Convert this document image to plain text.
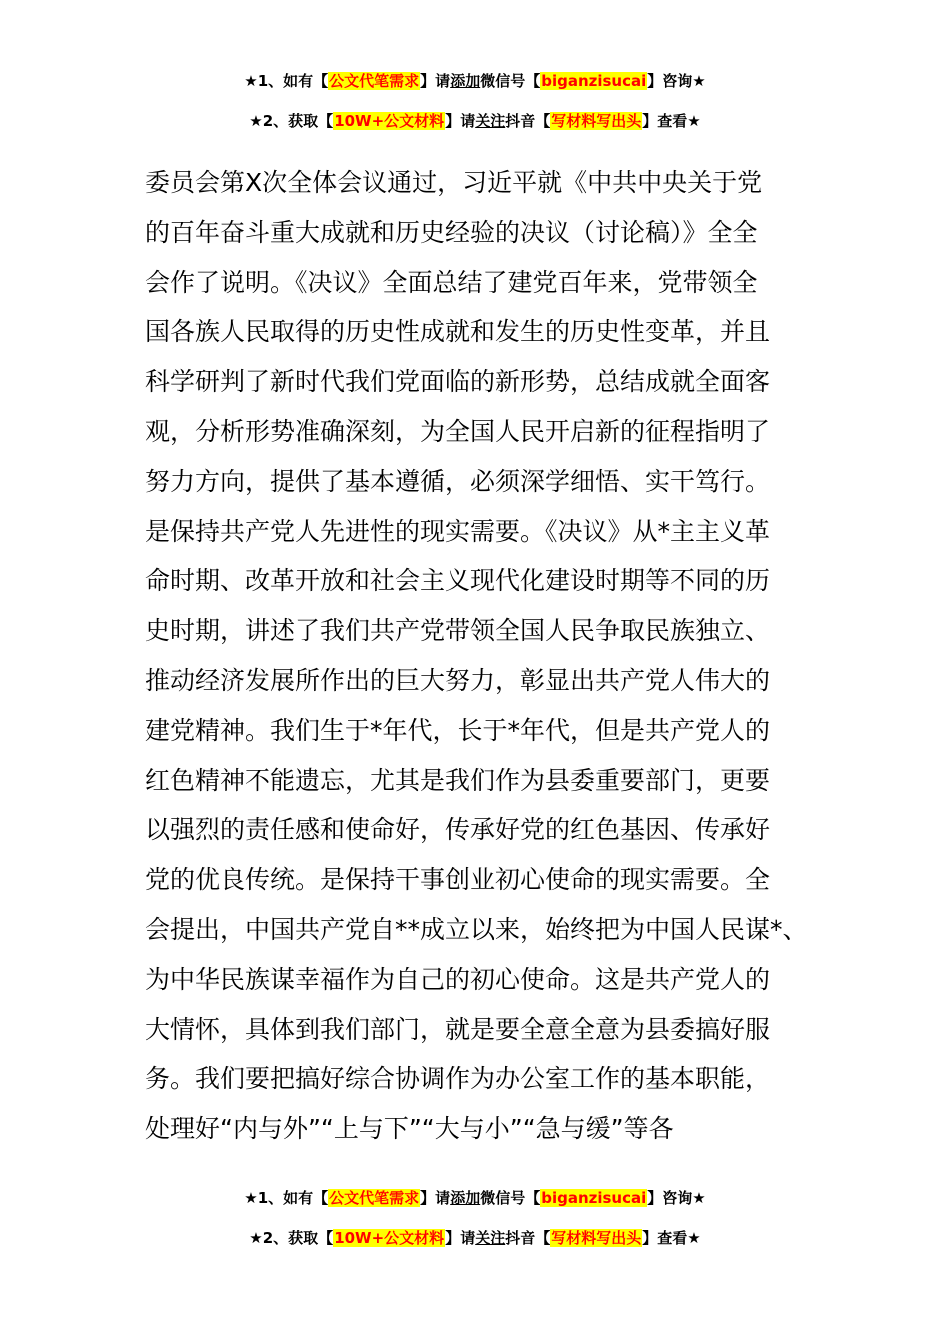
★1、如有【公文代笔需求】请添加微信号【biganzisucai】咨询★
★2、获取【10W+公文材料】请关注抖音【写材料写出头】查看★
委员会第Ⅹ次全体会议通过，习近平就《中共中央关于党
的百年奋斗重大成就和历史经验的决议（讨论稿）》全全
会作了说明。《决议》全面总结了建党百年来，党带领全
国各族人民取得的历史性成就和发生的历史性变革，并且
科学研判了新时代我们党面临的新形势，总结成就全面客
观，分析形势准确深刻，为全国人民开启新的征程指明了
努力方向，提供了基本遵循，必须深学细悟、实干笃行。
是保持共产党人先进性的现实需要。《决议》从*主主义革
命时期、改革开放和社会主义现代化建设时期等不同的历
史时期，讲述了我们共产党带领全国人民争取民族独立、
推动经济发展所作出的巨大努力，彰显出共产党人伟大的
建党精神。我们生于*年代，长于*年代，但是共产党人的
红色精神不能遗忘，尤其是我们作为县委重要部门，更要
以强烈的责任感和使命好，传承好党的红色基因、传承好
党的优良传统。是保持干事创业初心使命的现实需要。全
会提出，中国共产党自**成立以来，始终把为中国人民谋*、
为中华民族谋幸福作为自己的初心使命。这是共产党人的
大情怀，具体到我们部门，就是要全意全意为县委搞好服
务。我们要把搞好综合协调作为办公室工作的基本职能，
处理好“内与外”“上与下”“大与小”“急与缓”等各
★1、如有【公文代笔需求】请添加微信号【biganzisucai】咨询★
★2、获取【10W+公文材料】请关注抖音【写材料写出头】查看★
